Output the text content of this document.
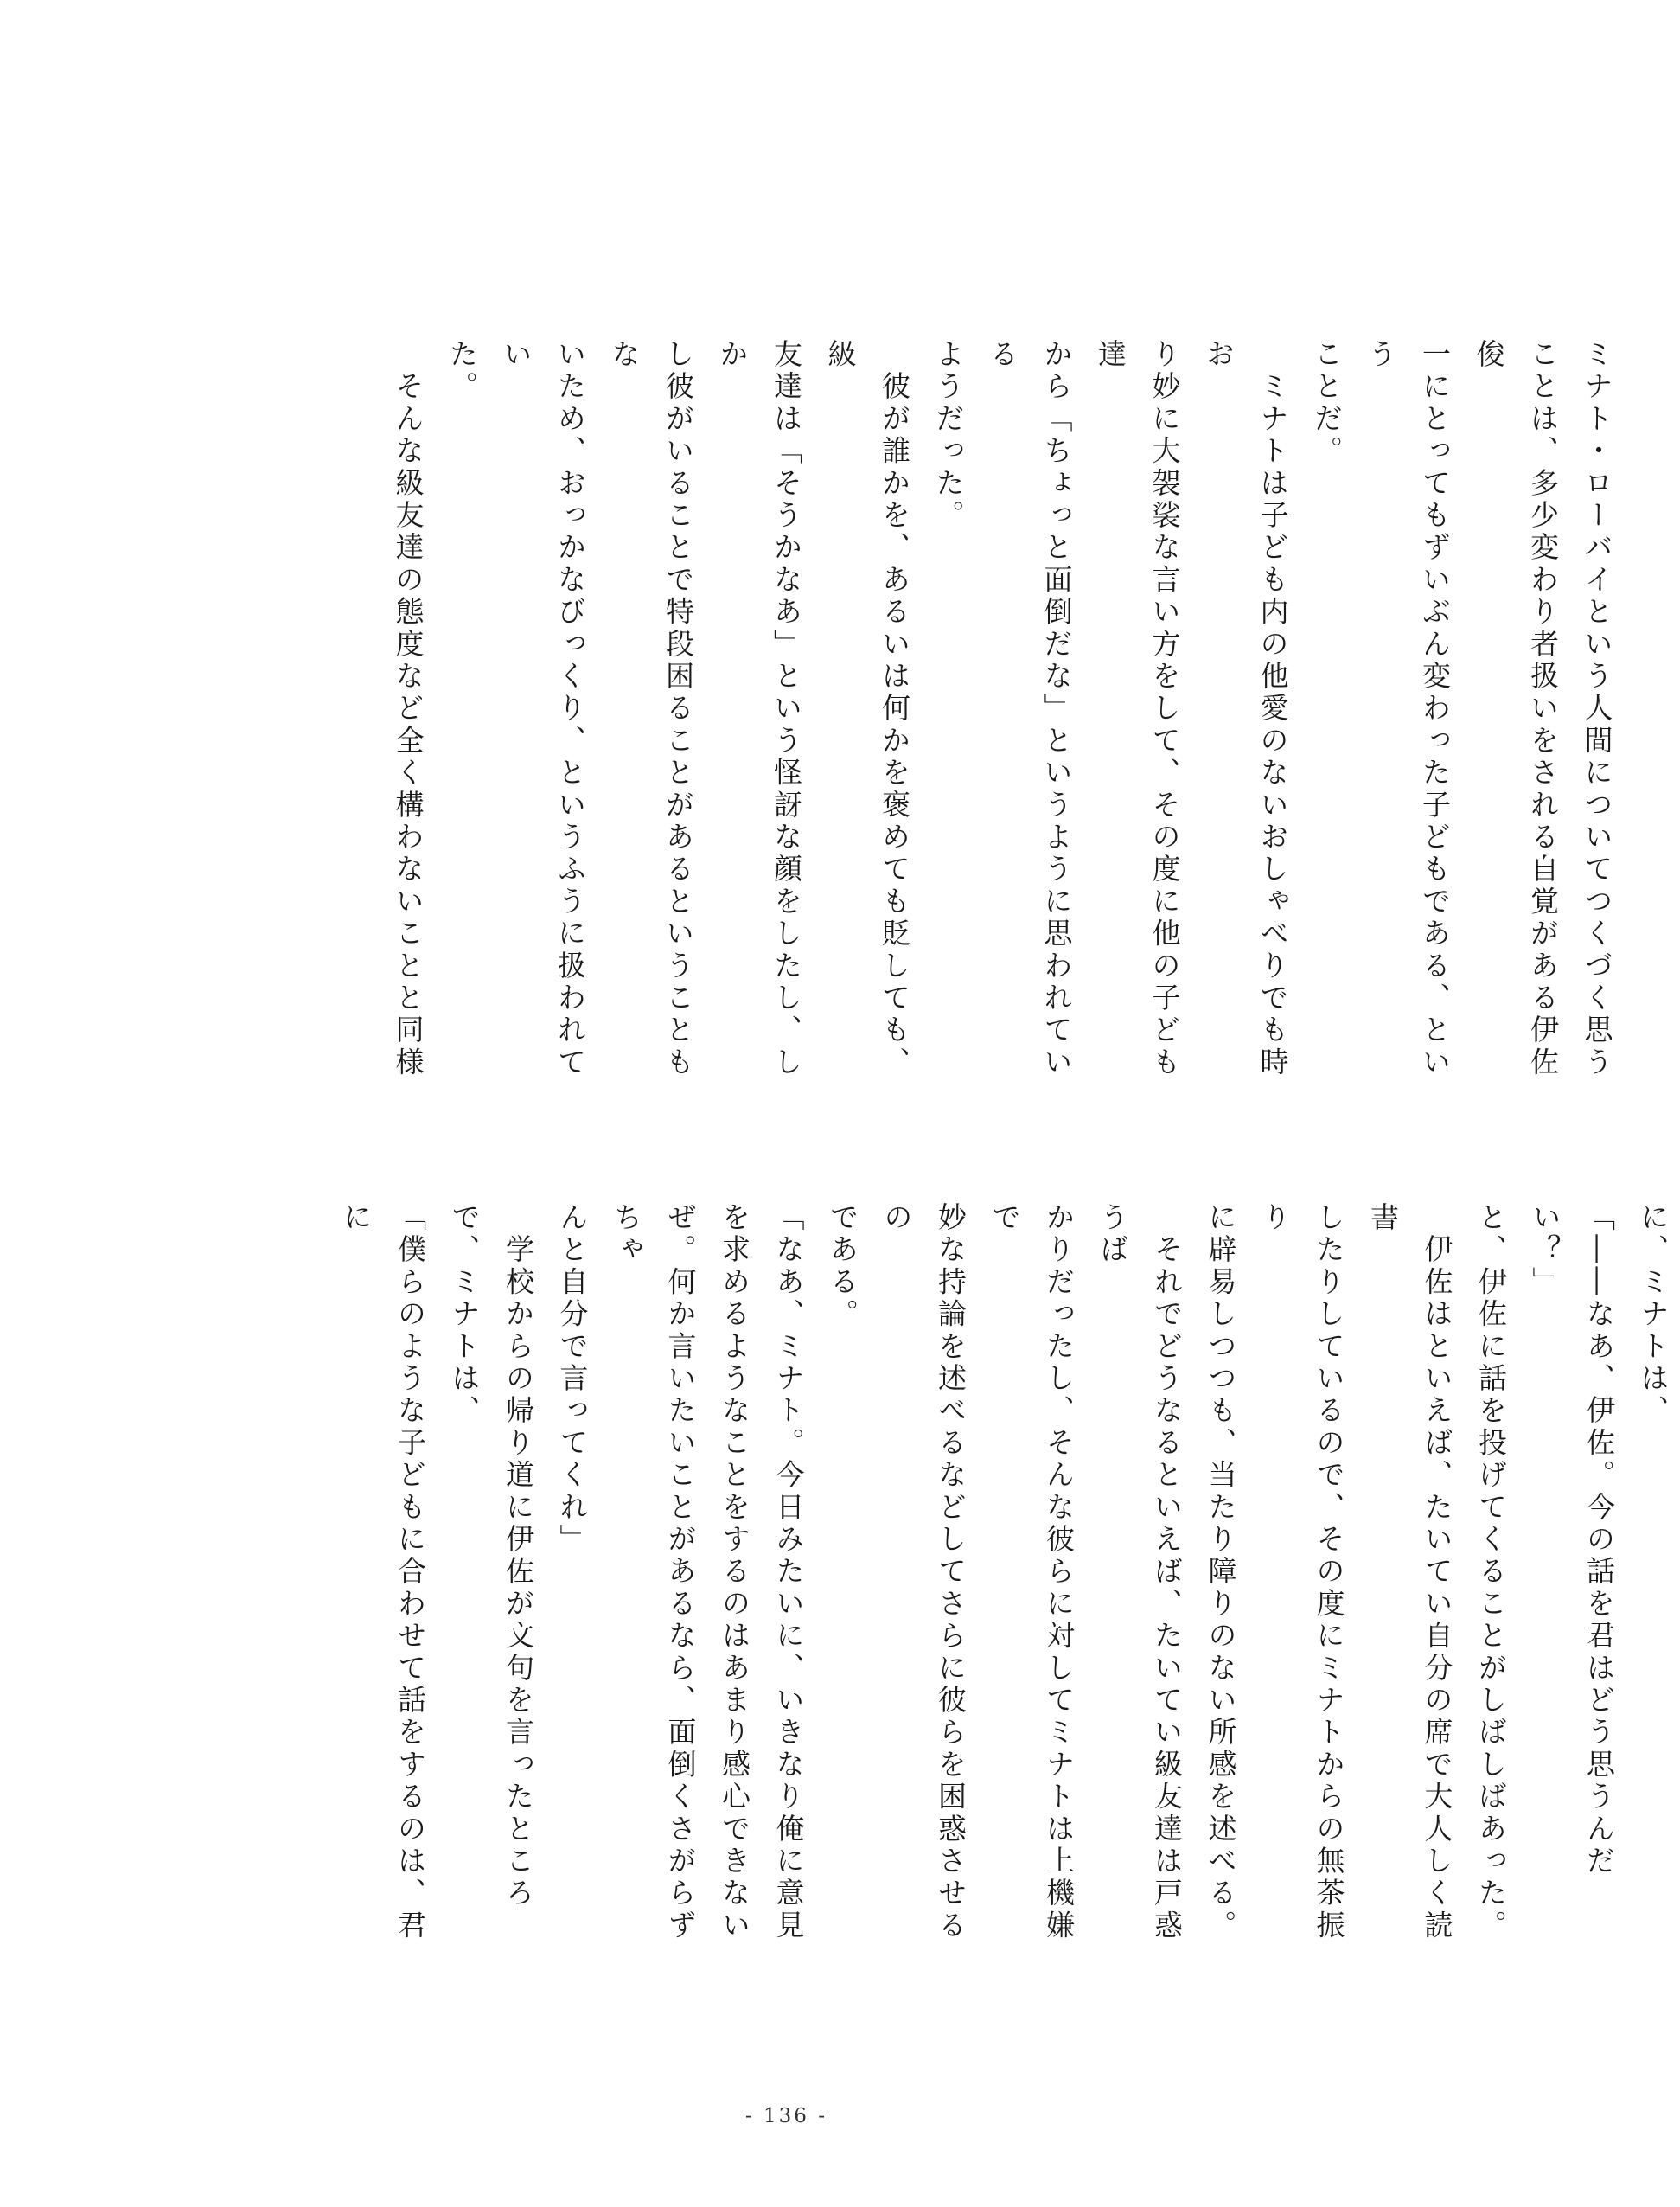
ミナト・ローバイという人間についてつくづく思う

ことは、多少変わり者扱いをされる自覚がある伊佐俊

一にとってもずいぶん変わった子どもである、という

ことだ。

　ミナトは子ども内の他愛のないおしゃべりでも時お

り妙に大袈裟な言い方をして、その度に他の子ども達

から「ちょっと面倒だな」というように思われている

ようだった。

　彼が誰かを、あるいは何かを褒めても貶しても、級

友達は「そうかなあ」という怪訝な顔をしたし、しか

し彼がいることで特段困ることがあるということもな

いため、おっかなびっくり、というふうに扱われてい

た。

　そんな級友達の態度など全く構わないことと同様

に、ミナトは、

「――なあ、伊佐。今の話を君はどう思うんだい？」

と、伊佐に話を投げてくることがしばしばあった。

　伊佐はといえば、たいてい自分の席で大人しく読書

したりしているので、その度にミナトからの無茶振り

に辟易しつつも、当たり障りのない所感を述べる。

　それでどうなるといえば、たいてい級友達は戸惑うば

かりだったし、そんな彼らに対してミナトは上機嫌で

妙な持論を述べるなどしてさらに彼らを困惑させるの

である。

「なあ、ミナト。今日みたいに、いきなり俺に意見

を求めるようなことをするのはあまり感心できない

ぜ。何か言いたいことがあるなら、面倒くさがらずちゃ

んと自分で言ってくれ」

　学校からの帰り道に伊佐が文句を言ったところ

で、ミナトは、

「僕らのような子どもに合わせて話をするのは、君に

- 136 -
